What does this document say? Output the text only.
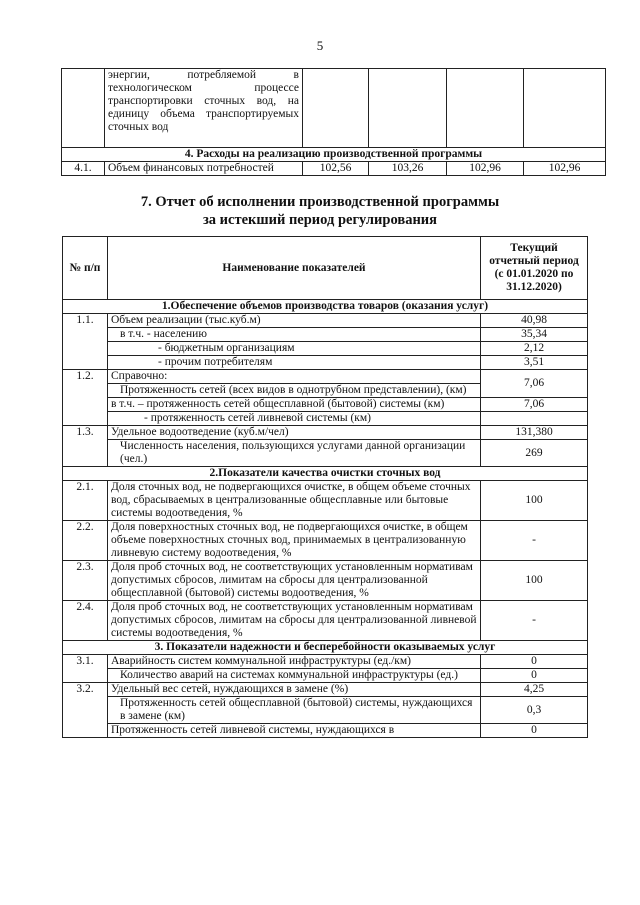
5
	энергии, потребляемой в технологическом процессе транспортировки сточных вод, на единицу объема транспортируемых сточных вод				
4. Расходы на реализацию производственной программы					
4.1.	Объем финансовых потребностей	102,56	103,26	102,96	102,96
7. Отчет об исполнении производственной программы
за истекший период регулирования
№ п/п	Наименование показателей	Текущий отчетный период (с 01.01.2020 по 31.12.2020)
1.Обеспечение объемов производства товаров (оказания услуг)		
1.1.	Объем реализации (тыс.куб.м)	40,98
	в т.ч. - населению	35,34
	- бюджетным организациям	2,12
	- прочим потребителям	3,51
1.2.	Справочно:	7,06
	Протяженность сетей (всех видов в однотрубном представлении), (км)	
	в т.ч. – протяженность сетей общесплавной (бытовой) системы (км)	7,06
	- протяженность сетей ливневой системы (км)	
1.3.	Удельное водоотведение (куб.м/чел)	131,380
	Численность населения, пользующихся услугами данной организации (чел.)	269
2.Показатели качества очистки сточных вод		
2.1.	Доля сточных вод, не подвергающихся очистке, в общем объеме сточных вод, сбрасываемых в централизованные общесплавные или бытовые системы водоотведения, %	100
2.2.	Доля поверхностных сточных вод, не подвергающихся очистке, в общем объеме поверхностных сточных вод, принимаемых в централизованную ливневую систему водоотведения, %	-
2.3.	Доля проб сточных вод, не соответствующих установленным нормативам допустимых сбросов, лимитам на сбросы для централизованной общесплавной (бытовой) системы водоотведения, %	100
2.4.	Доля проб сточных вод, не соответствующих установленным нормативам допустимых сбросов, лимитам на сбросы для централизованной ливневой системы водоотведения, %	-
3. Показатели надежности и бесперебойности оказываемых услуг		
3.1.	Аварийность систем коммунальной инфраструктуры (ед./км)	0
	Количество аварий на системах коммунальной инфраструктуры (ед.)	0
3.2.	Удельный вес сетей, нуждающихся в замене (%)	4,25
	Протяженность сетей общесплавной (бытовой) системы, нуждающихся в замене (км)	0,3
	Протяженность сетей ливневой системы, нуждающихся в	0
